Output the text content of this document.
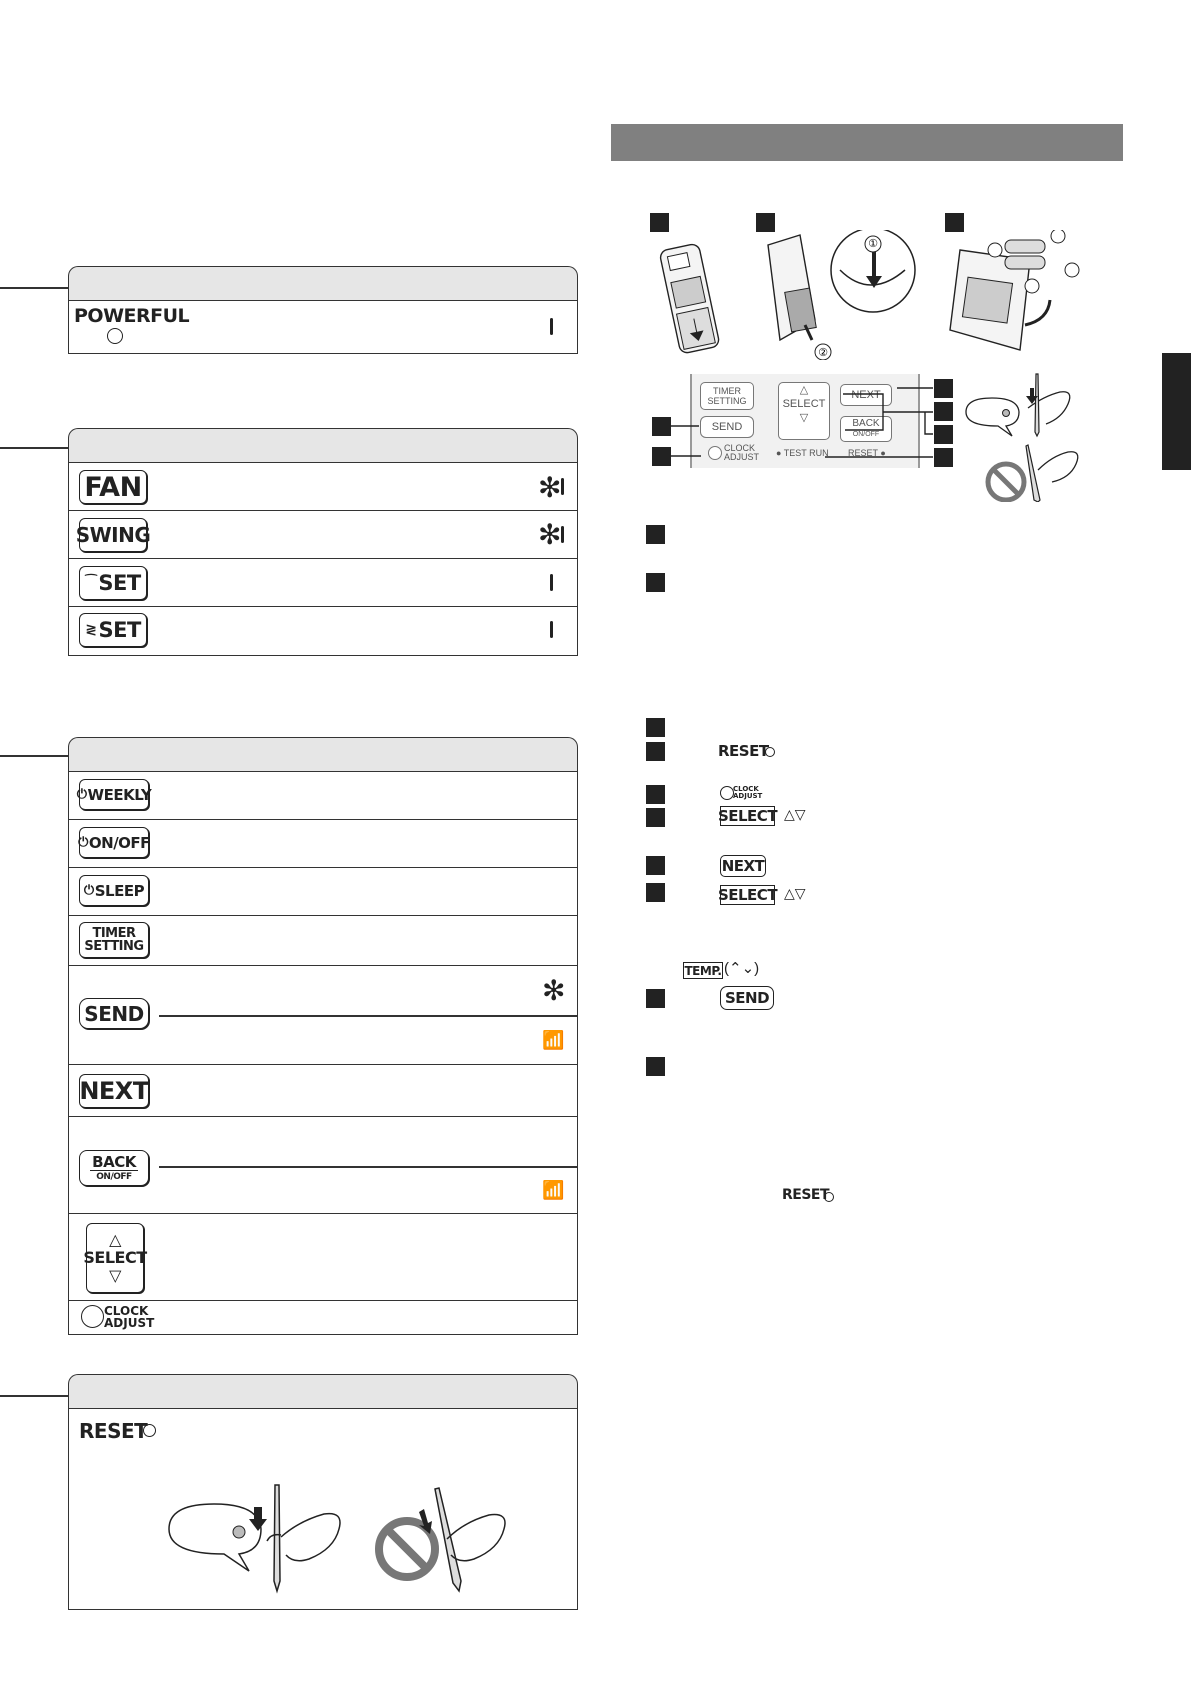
POWERFUL
FAN	✻
SWING	✻
⁀ SET
≷ SET
⏻ WEEKLY
⏻ ON/OFF
⏻ SLEEP
TIMER
SETTING
SEND
✻
📶
NEXT
BACK
ON/OFF
📶
△
SELECT
▽
CLOCK
ADJUST
RESET
①
②
TIMER
SETTING
△
SELECT
▽
NEXT
BACK
ON/OFF
SEND
CLOCK
ADJUST ● TEST RUN RESET ●
RESET
CLOCK
ADJUST
SELECT △▽
NEXT
SELECT △▽
TEMP. (⌃⌄)
SEND
RESET
